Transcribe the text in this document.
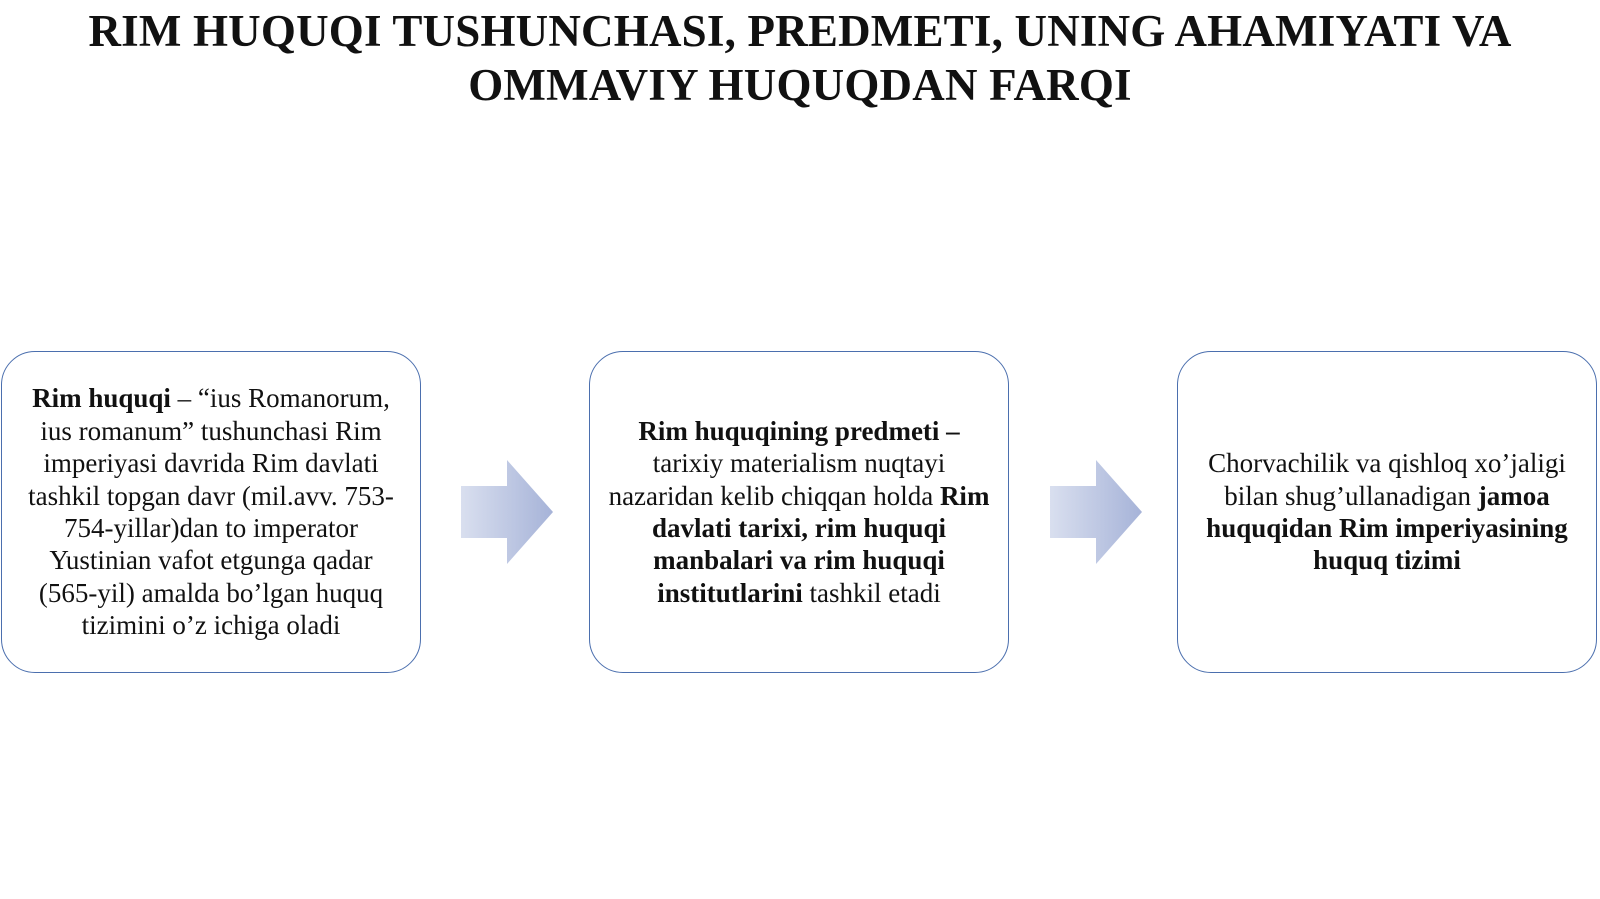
RIM HUQUQI TUSHUNCHASI, PREDMETI, UNING AHAMIYATI VA
OMMAVIY HUQUQDAN FARQI

Rim huquqi – “ius Romanorum, ius romanum” tushunchasi Rim imperiyasi davrida Rim davlati tashkil topgan davr (mil.avv. 753-754-yillar)dan to imperator Yustinian vafot etgunga qadar (565-yil) amalda bo’lgan huquq tizimini o’z ichiga oladi

Rim huquqining predmeti – tarixiy materialism nuqtayi nazaridan kelib chiqqan holda Rim davlati tarixi, rim huquqi manbalari va rim huquqi institutlarini tashkil etadi

Chorvachilik va qishloq xo’jaligi bilan shug’ullanadigan jamoa huquqidan Rim imperiyasining huquq tizimi
